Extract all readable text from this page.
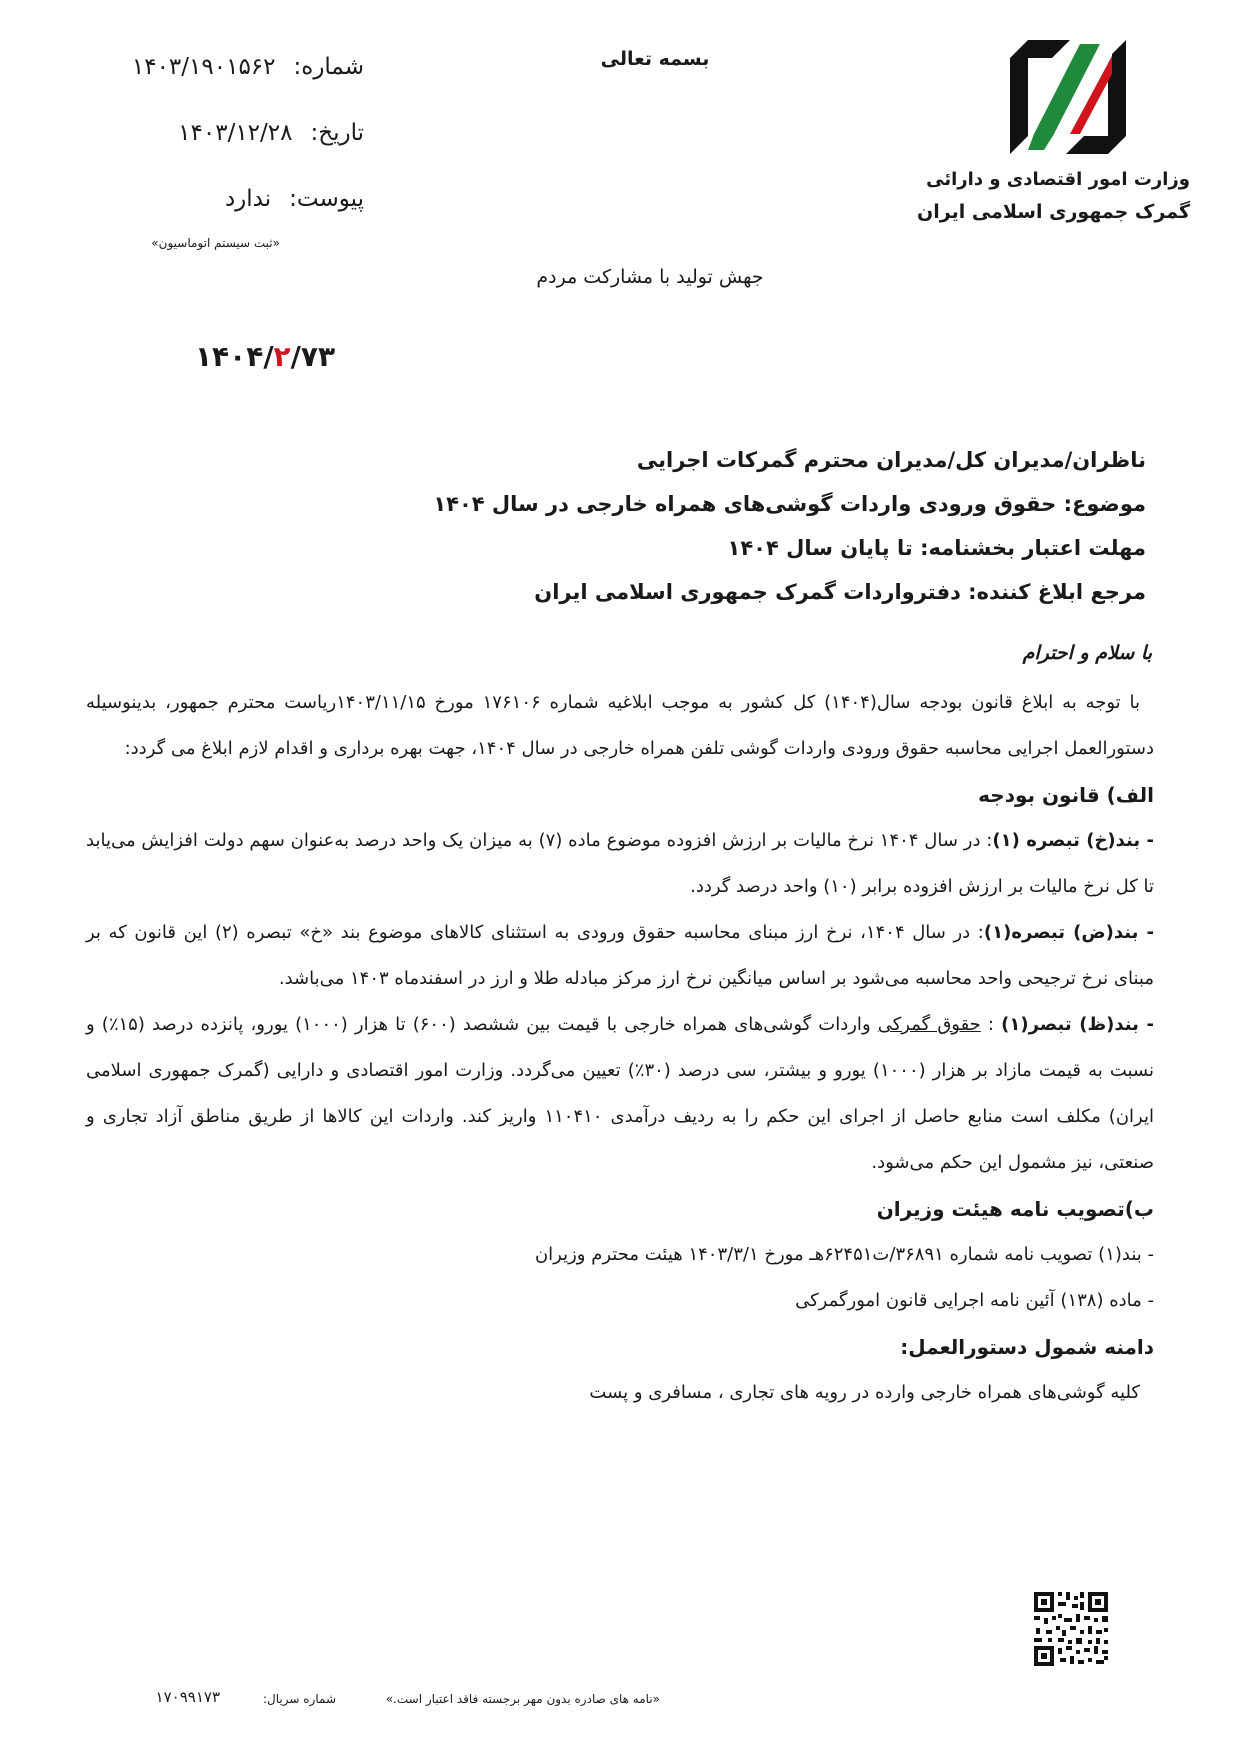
بسمه تعالی
وزارت امور اقتصادی و دارائی
گمرک جمهوری اسلامی ایران
شماره:
۱۴۰۳/۱۹۰۱۵۶۲
تاریخ:
۱۴۰۳/۱۲/۲۸
پیوست:
ندارد
«ثبت سیستم اتوماسیون»
جهش تولید با مشارکت مردم
۱۴۰۴/۲/۷۳
ناظران/مدیران کل/مدیران محترم گمرکات اجرایی
موضوع: حقوق ورودی واردات گوشی‌های همراه خارجی در سال ۱۴۰۴
مهلت اعتبار بخشنامه: تا پایان سال ۱۴۰۴
مرجع ابلاغ کننده: دفترواردات گمرک جمهوری اسلامی ایران
با سلام و احترام

با توجه به ابلاغ قانون بودجه سال(۱۴۰۴) کل کشور به موجب ابلاغیه شماره ۱۷۶۱۰۶ مورخ ۱۴۰۳/۱۱/۱۵ریاست محترم جمهور، بدینوسیله دستورالعمل اجرایی محاسبه حقوق ورودی واردات گوشی تلفن همراه خارجی در سال ۱۴۰۴، جهت بهره برداری و اقدام لازم ابلاغ می گردد:

الف) قانون بودجه

- بند(خ) تبصره (۱): در سال ۱۴۰۴ نرخ مالیات بر ارزش افزوده موضوع ماده (۷) به میزان یک واحد درصد به‌عنوان سهم دولت افزایش می‌یابد تا کل نرخ مالیات بر ارزش افزوده برابر (۱۰) واحد درصد گردد.

- بند(ض) تبصره(۱): در سال ۱۴۰۴، نرخ ارز مبنای محاسبه حقوق ورودی به استثنای کالاهای موضوع بند «خ» تبصره (۲) این قانون که بر مبنای نرخ ترجیحی واحد محاسبه می‌شود بر اساس میانگین نرخ ارز مرکز مبادله طلا و ارز در اسفندماه ۱۴۰۳ می‌باشد.

- بند(ظ) تبصر(۱) : حقوق گمرکی واردات گوشی‌های همراه خارجی با قیمت بین ششصد (۶۰۰) تا هزار (۱۰۰۰) یورو، پانزده درصد (۱۵٪) و نسبت به قیمت مازاد بر هزار (۱۰۰۰) یورو و بیشتر، سی درصد (۳۰٪) تعیین می‌گردد. وزارت امور اقتصادی و دارایی (گمرک جمهوری اسلامی ایران) مکلف است منابع حاصل از اجرای این حکم را به ردیف درآمدی ۱۱۰۴۱۰ واریز کند. واردات این کالاها از طریق مناطق آزاد تجاری و صنعتی، نیز مشمول این حکم می‌شود.

ب)تصویب نامه هیئت وزیران

- بند(۱) تصویب نامه شماره ۳۶۸۹۱/ت۶۲۴۵۱هـ مورخ ۱۴۰۳/۳/۱ هیئت محترم وزیران

- ماده (۱۳۸) آئین نامه اجرایی قانون امورگمرکی

دامنه شمول دستورالعمل:

کلیه گوشی‌های همراه خارجی وارده در رویه های تجاری ، مسافری و پست

«نامه های صادره بدون مهر برجسته فاقد اعتبار است.»
شماره سریال:
۱۷۰۹۹۱۷۳
